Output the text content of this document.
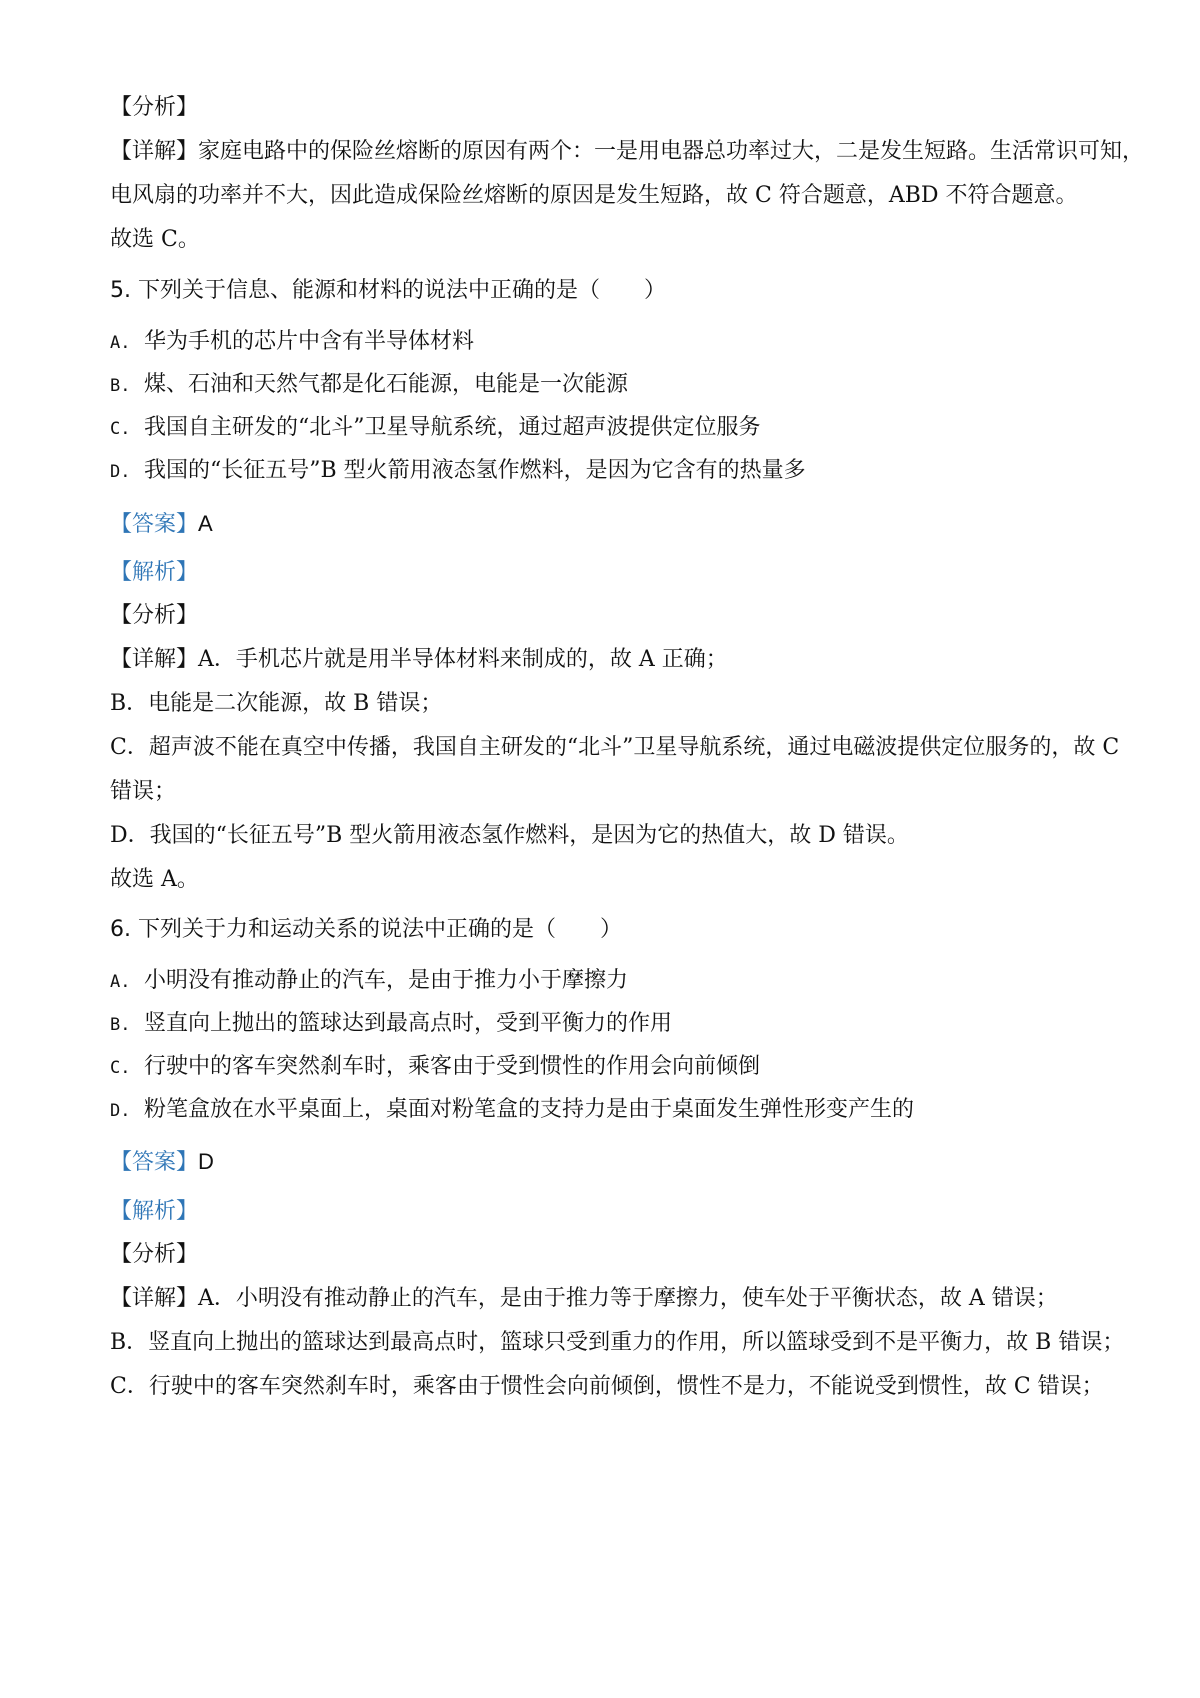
【分析】
【详解】家庭电路中的保险丝熔断的原因有两个：一是用电器总功率过大，二是发生短路。生活常识可知，
电风扇的功率并不大，因此造成保险丝熔断的原因是发生短路，故 C 符合题意，ABD 不符合题意。
故选 C。
5. 下列关于信息、能源和材料的说法中正确的是（　　）
A. 华为手机的芯片中含有半导体材料
B. 煤、石油和天然气都是化石能源，电能是一次能源
C. 我国自主研发的“北斗”卫星导航系统，通过超声波提供定位服务
D. 我国的“长征五号”B 型火箭用液态氢作燃料，是因为它含有的热量多
【答案】A
【解析】
【分析】
【详解】A．手机芯片就是用半导体材料来制成的，故 A 正确；
B．电能是二次能源，故 B 错误；
C．超声波不能在真空中传播，我国自主研发的“北斗”卫星导航系统，通过电磁波提供定位服务的，故 C
错误；
D．我国的“长征五号”B 型火箭用液态氢作燃料，是因为它的热值大，故 D 错误。
故选 A。
6. 下列关于力和运动关系的说法中正确的是（　　）
A. 小明没有推动静止的汽车，是由于推力小于摩擦力
B. 竖直向上抛出的篮球达到最高点时，受到平衡力的作用
C. 行驶中的客车突然刹车时，乘客由于受到惯性的作用会向前倾倒
D. 粉笔盒放在水平桌面上，桌面对粉笔盒的支持力是由于桌面发生弹性形变产生的
【答案】D
【解析】
【分析】
【详解】A．小明没有推动静止的汽车，是由于推力等于摩擦力，使车处于平衡状态，故 A 错误；
B．竖直向上抛出的篮球达到最高点时，篮球只受到重力的作用，所以篮球受到不是平衡力，故 B 错误；
C．行驶中的客车突然刹车时，乘客由于惯性会向前倾倒，惯性不是力，不能说受到惯性，故 C 错误；
